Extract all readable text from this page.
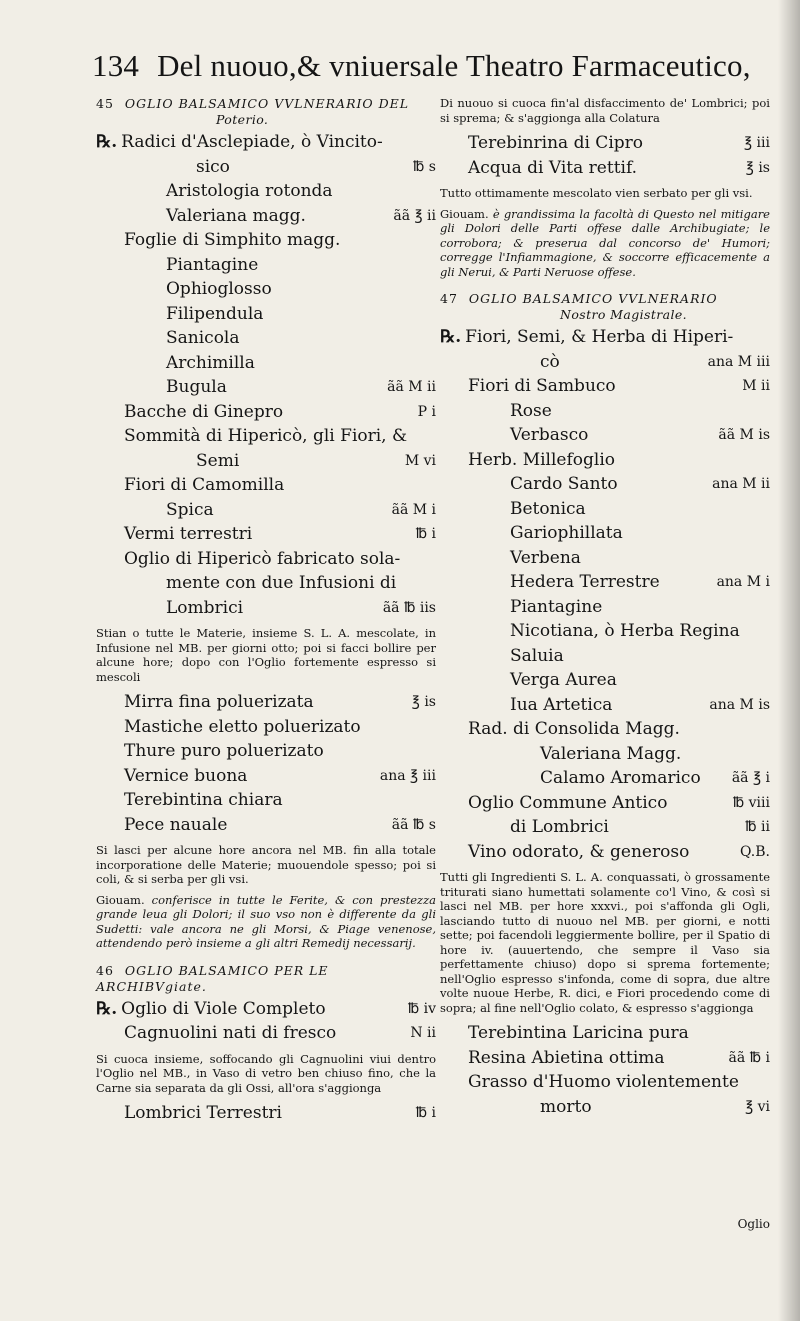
134 Del nuouo,& vniuersale Theatro Farmaceutico,
45 OGLIO BALSAMICO VVLNERARIO DEL
Poterio.
℞. Radici d'Asclepiade, ò Vincito-
sico	℔ s
Aristologia rotonda
Valeriana magg.	ãã ℥ ii
Foglie di Simphito magg.
Piantagine
Ophioglosso
Filipendula
Sanicola
Archimilla
Bugula	ãã M ii
Bacche di Ginepro	P i
Sommità di Hipericò, gli Fiori, &
Semi	M vi
Fiori di Camomilla
Spica	ãã M i
Vermi terrestri	℔ i
Oglio di Hipericò fabricato sola-
mente con due Infusioni di
Lombrici	ãã ℔ iis

Stian o tutte le Materie, insieme S. L. A. mescolate, in Infusione nel MB. per giorni otto; poi si facci bollire per alcune hore; dopo con l'Oglio fortemente espresso si mescoli

Mirra fina poluerizata	℥ is
Mastiche eletto poluerizato
Thure puro poluerizato
Vernice buona	ana ℥ iii
Terebintina chiara
Pece nauale	ãã ℔ s

Si lasci per alcune hore ancora nel MB. fin alla totale incorporatione delle Materie; muouendole spesso; poi si coli, & si serba per gli vsi.

Giouam. conferisce in tutte le Ferite, & con prestezza grande leua gli Dolori; il suo vso non è differente da gli Sudetti: vale ancora ne gli Morsi, & Piage venenose, attendendo però insieme a gli altri Remedij necessarij.

46 OGLIO BALSAMICO PER LE ARCHIBVgiate.
℞. Oglio di Viole Completo	℔ iv
Cagnuolini nati di fresco	N ii

Si cuoca insieme, soffocando gli Cagnuolini viui dentro l'Oglio nel MB., in Vaso di vetro ben chiuso fino, che la Carne sia separata da gli Ossi, all'ora s'aggionga

Lombrici Terrestri	℔ i

Di nuouo si cuoca fin'al disfaccimento de' Lombrici; poi si sprema; & s'aggionga alla Colatura

Terebinrina di Cipro	℥ iii
Acqua di Vita rettif.	℥ is

Tutto ottimamente mescolato vien serbato per gli vsi.

Giouam. è grandissima la facoltà di Questo nel mitigare gli Dolori delle Parti offese dalle Archibugiate; le corrobora; & preserua dal concorso de' Humori; corregge l'Infiammagione, & soccorre efficacemente a gli Nerui, & Parti Neruose offese.

47 OGLIO BALSAMICO VVLNERARIO
Nostro Magistrale.
℞. Fiori, Semi, & Herba di Hiperi-
cò	ana M iii
Fiori di Sambuco	M ii
Rose
Verbasco	ãã M is
Herb. Millefoglio
Cardo Santo	ana M ii
Betonica
Gariophillata
Verbena
Hedera Terrestre	ana M i
Piantagine
Nicotiana, ò Herba Regina
Saluia
Verga Aurea
Iua Artetica	ana M is
Rad. di Consolida Magg.
Valeriana Magg.
Calamo Aromarico ãã ℥ i
Oglio Commune Antico	℔ viii
di Lombrici	℔ ii
Vino odorato, & generoso	Q.B.

Tutti gli Ingredienti S. L. A. conquassati, ò grossamente triturati siano humettati solamente co'l Vino, & così si lasci nel MB. per hore xxxvi., poi s'affonda gli Ogli, lasciando tutto di nuouo nel MB. per giorni, e notti sette; poi facendoli leggiermente bollire, per il Spatio di hore iv. (auuertendo, che sempre il Vaso sia perfettamente chiuso) dopo si sprema fortemente; nell'Oglio espresso s'infonda, come di sopra, due altre volte nuoue Herbe, R. dici, e Fiori procedendo come di sopra; al fine nell'Oglio colato, & espresso s'aggionga

Terebintina Laricina pura
Resina Abietina ottima	ãã ℔ i
Grasso d'Huomo violentemente
morto	℥ vi
Oglio
